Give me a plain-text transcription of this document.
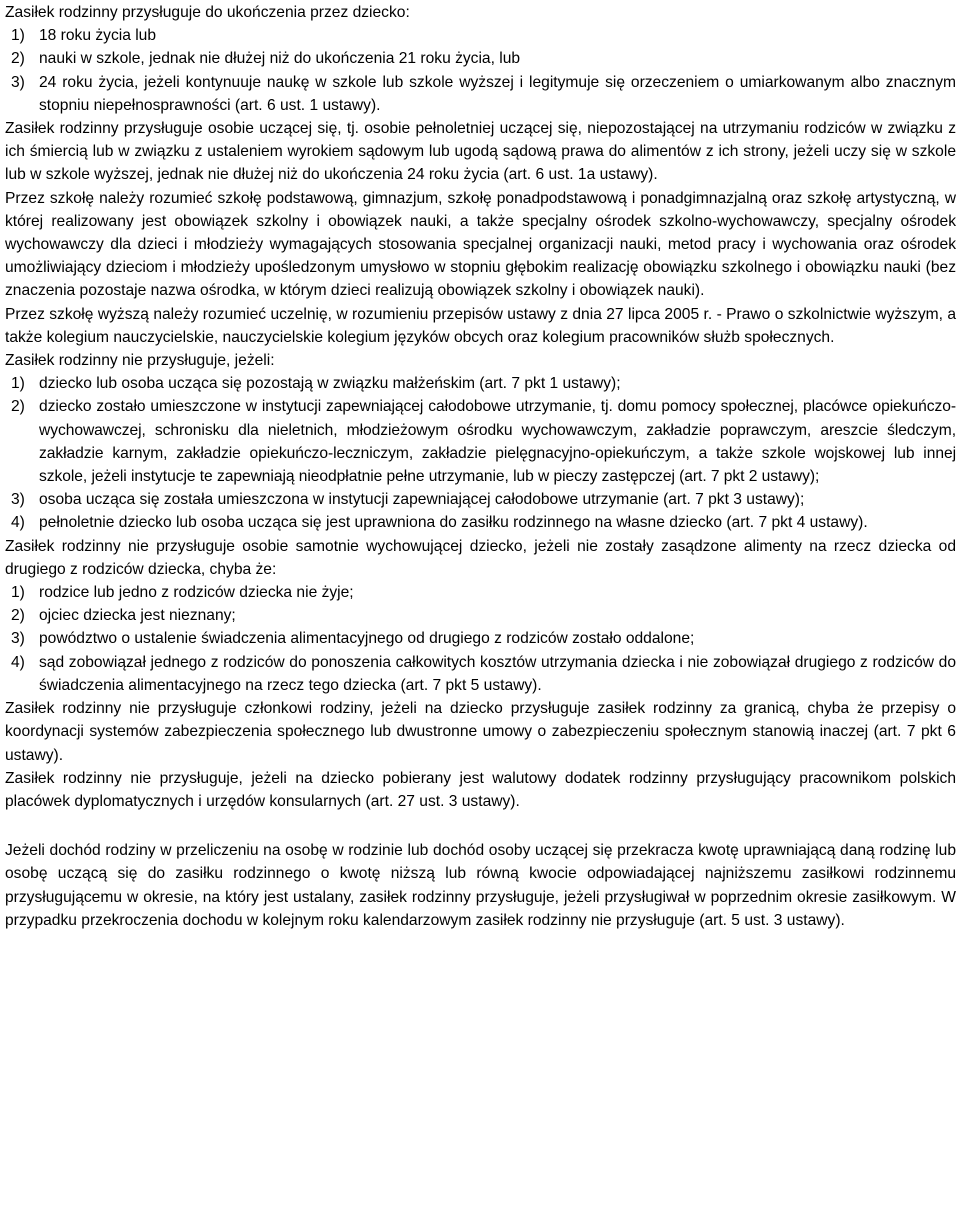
Zasiłek rodzinny przysługuje do ukończenia przez dziecko:

1) 18 roku życia lub
2) nauki w szkole, jednak nie dłużej niż do ukończenia 21 roku życia, lub
3) 24 roku życia, jeżeli kontynuuje naukę w szkole lub szkole wyższej i legitymuje się orzeczeniem o umiarkowanym albo znacznym stopniu niepełnosprawności (art. 6 ust. 1 ustawy).

Zasiłek rodzinny przysługuje osobie uczącej się, tj. osobie pełnoletniej uczącej się, niepozostającej na utrzymaniu rodziców w związku z ich śmiercią lub w związku z ustaleniem wyrokiem sądowym lub ugodą sądową prawa do alimentów z ich strony, jeżeli uczy się w szkole lub w szkole wyższej, jednak nie dłużej niż do ukończenia 24 roku życia (art. 6 ust. 1a ustawy).

Przez szkołę należy rozumieć szkołę podstawową, gimnazjum, szkołę ponadpodstawową i ponadgimnazjalną oraz szkołę artystyczną, w której realizowany jest obowiązek szkolny i obowiązek nauki, a także specjalny ośrodek szkolno-wychowawczy, specjalny ośrodek wychowawczy dla dzieci i młodzieży wymagających stosowania specjalnej organizacji nauki, metod pracy i wychowania oraz ośrodek umożliwiający dzieciom i młodzieży upośledzonym umysłowo w stopniu głębokim realizację obowiązku szkolnego i obowiązku nauki (bez znaczenia pozostaje nazwa ośrodka, w którym dzieci realizują obowiązek szkolny i obowiązek nauki).

Przez szkołę wyższą należy rozumieć uczelnię, w rozumieniu przepisów ustawy z dnia 27 lipca 2005 r. - Prawo o szkolnictwie wyższym, a także kolegium nauczycielskie, nauczycielskie kolegium języków obcych oraz kolegium pracowników służb społecznych.

Zasiłek rodzinny nie przysługuje, jeżeli:

1) dziecko lub osoba ucząca się pozostają w związku małżeńskim (art. 7 pkt 1 ustawy);
2) dziecko zostało umieszczone w instytucji zapewniającej całodobowe utrzymanie, tj. domu pomocy społecznej, placówce opiekuńczo-wychowawczej, schronisku dla nieletnich, młodzieżowym ośrodku wychowawczym, zakładzie poprawczym, areszcie śledczym, zakładzie karnym, zakładzie opiekuńczo-leczniczym, zakładzie pielęgnacyjno-opiekuńczym, a także szkole wojskowej lub innej szkole, jeżeli instytucje te zapewniają nieodpłatnie pełne utrzymanie, lub w pieczy zastępczej (art. 7 pkt 2 ustawy);
3) osoba ucząca się została umieszczona w instytucji zapewniającej całodobowe utrzymanie (art. 7 pkt 3 ustawy);
4) pełnoletnie dziecko lub osoba ucząca się jest uprawniona do zasiłku rodzinnego na własne dziecko (art. 7 pkt 4 ustawy).

Zasiłek rodzinny nie przysługuje osobie samotnie wychowującej dziecko, jeżeli nie zostały zasądzone alimenty na rzecz dziecka od drugiego z rodziców dziecka, chyba że:

1) rodzice lub jedno z rodziców dziecka nie żyje;
2) ojciec dziecka jest nieznany;
3) powództwo o ustalenie świadczenia alimentacyjnego od drugiego z rodziców zostało oddalone;
4) sąd zobowiązał jednego z rodziców do ponoszenia całkowitych kosztów utrzymania dziecka i nie zobowiązał drugiego z rodziców do świadczenia alimentacyjnego na rzecz tego dziecka (art. 7 pkt 5 ustawy).

Zasiłek rodzinny nie przysługuje członkowi rodziny, jeżeli na dziecko przysługuje zasiłek rodzinny za granicą, chyba że przepisy o koordynacji systemów zabezpieczenia społecznego lub dwustronne umowy o zabezpieczeniu społecznym stanowią inaczej (art. 7 pkt 6 ustawy).

Zasiłek rodzinny nie przysługuje, jeżeli na dziecko pobierany jest walutowy dodatek rodzinny przysługujący pracownikom polskich placówek dyplomatycznych i urzędów konsularnych (art. 27 ust. 3 ustawy).

Jeżeli dochód rodziny w przeliczeniu na osobę w rodzinie lub dochód osoby uczącej się przekracza kwotę uprawniającą daną rodzinę lub osobę uczącą się do zasiłku rodzinnego o kwotę niższą lub równą kwocie odpowiadającej najniższemu zasiłkowi rodzinnemu przysługującemu w okresie, na który jest ustalany, zasiłek rodzinny przysługuje, jeżeli przysługiwał w poprzednim okresie zasiłkowym. W przypadku przekroczenia dochodu w kolejnym roku kalendarzowym zasiłek rodzinny nie przysługuje (art. 5 ust. 3 ustawy).
